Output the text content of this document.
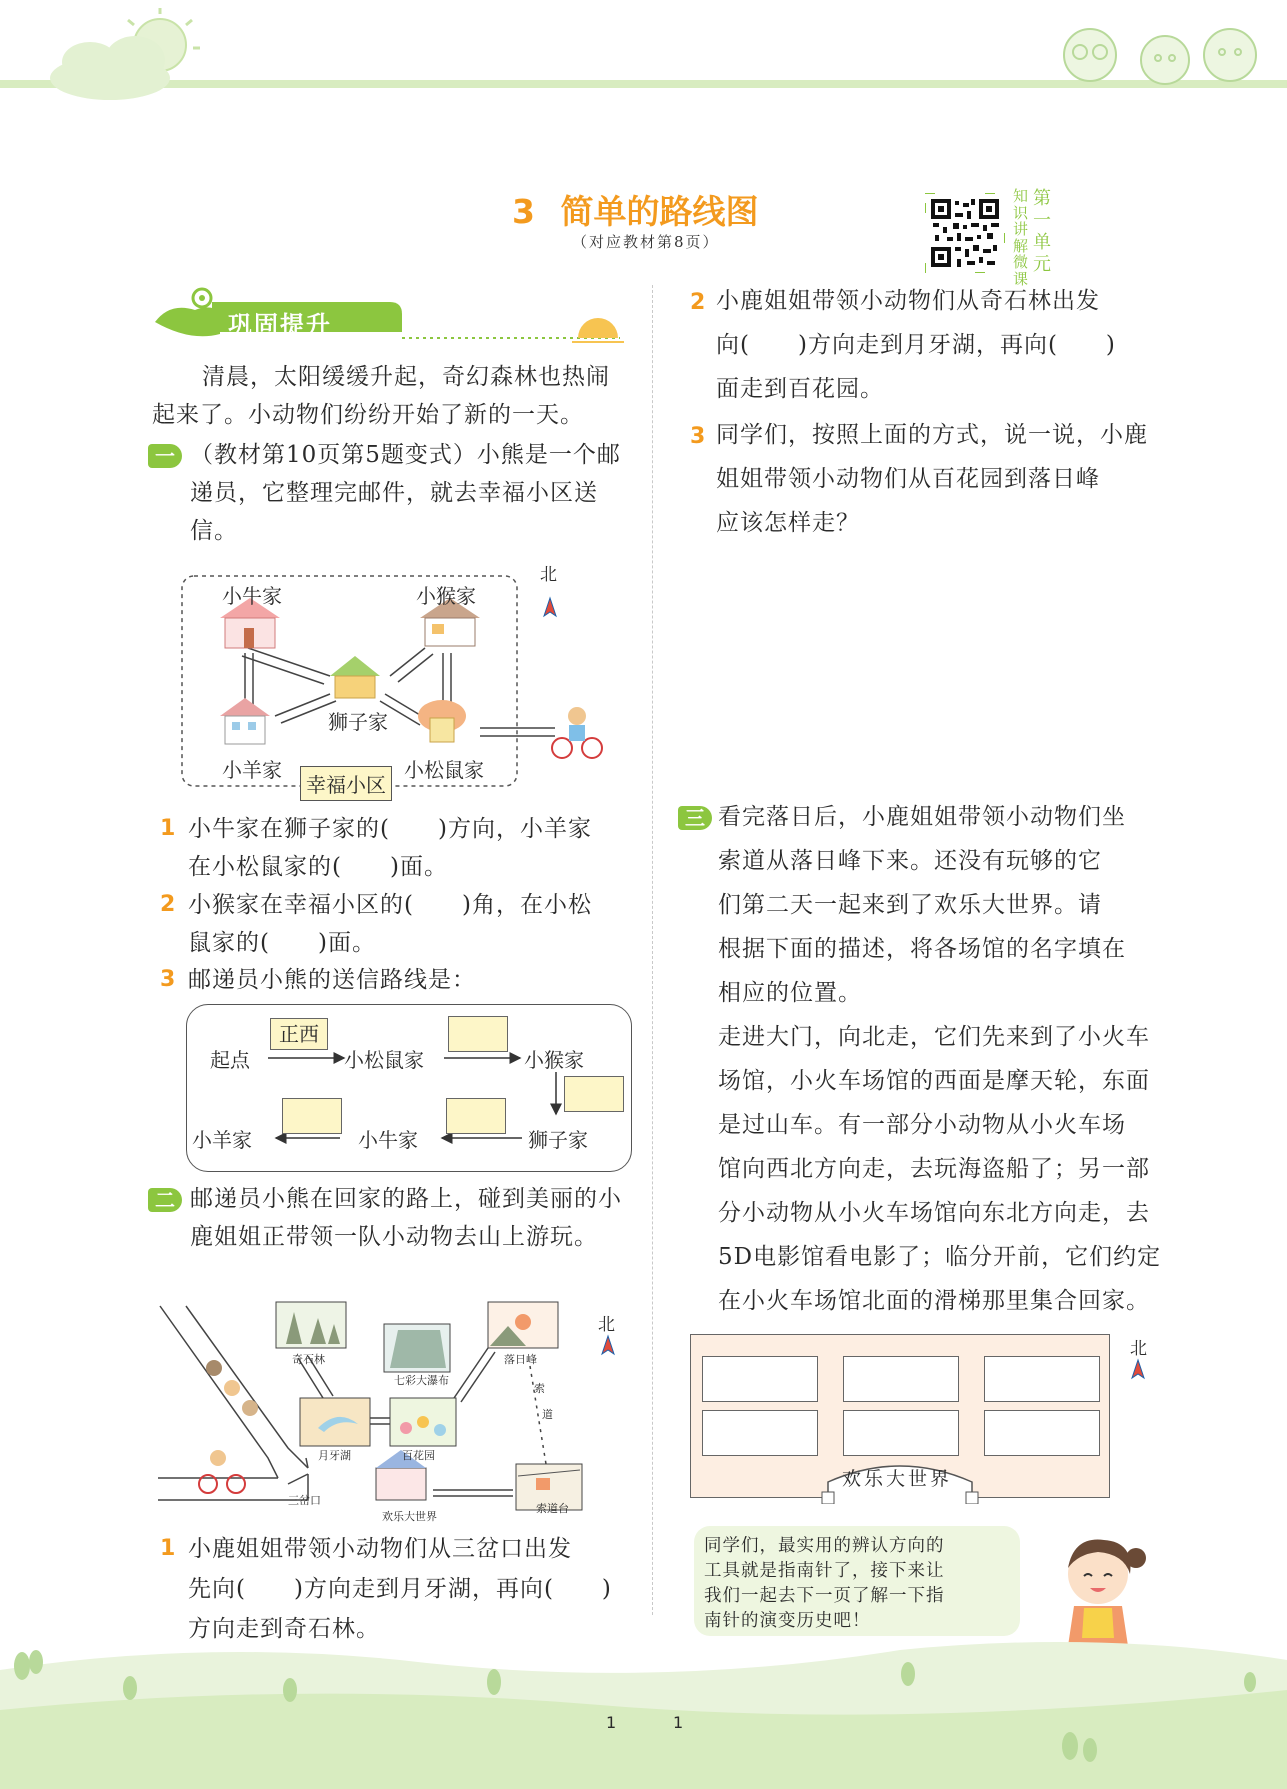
3 简单的路线图
（对应教材第8页）
知识讲解微课
第一单元
巩固提升
清晨，太阳缓缓升起，奇幻森林也热闹起来了。小动物们纷纷开始了新的一天。
一 （教材第10页第5题变式）小熊是一个邮递员，它整理完邮件，就去幸福小区送信。
北
小牛家	小猴家
狮子家
小羊家	小松鼠家
幸福小区
1 小牛家在狮子家的(　　)方向，小羊家
在小松鼠家的(　　)面。
2 小猴家在幸福小区的(　　)角，在小松
鼠家的(　　)面。
3 邮递员小熊的送信路线是：
起点
正西
小松鼠家	小猴家
狮子家
小牛家
小羊家
二 邮递员小熊在回家的路上，碰到美丽的小鹿姐姐正带领一队小动物去山上游玩。
北
奇石林
七彩大瀑布
落日峰
月牙湖	百花园
三岔口
欢乐大世界
索道台
索
道
1 小鹿姐姐带领小动物们从三岔口出发
先向(　　)方向走到月牙湖，再向(　　)
方向走到奇石林。
2 小鹿姐姐带领小动物们从奇石林出发
向(　　)方向走到月牙湖，再向(　　)
面走到百花园。
3 同学们，按照上面的方式，说一说，小鹿
姐姐带领小动物们从百花园到落日峰
应该怎样走？
三 看完落日后，小鹿姐姐带领小动物们坐
索道从落日峰下来。还没有玩够的它
们第二天一起来到了欢乐大世界。请
根据下面的描述，将各场馆的名字填在
相应的位置。
走进大门，向北走，它们先来到了小火车
场馆，小火车场馆的西面是摩天轮，东面
是过山车。有一部分小动物从小火车场
馆向西北方向走，去玩海盗船了；另一部
分小动物从小火车场馆向东北方向走，去
5D电影馆看电影了；临分开前，它们约定
在小火车场馆北面的滑梯那里集合回家。
欢乐大世界
北
同学们，最实用的辨认方向的
工具就是指南针了，接下来让
我们一起去下一页了解一下指
南针的演变历史吧！
1	1
